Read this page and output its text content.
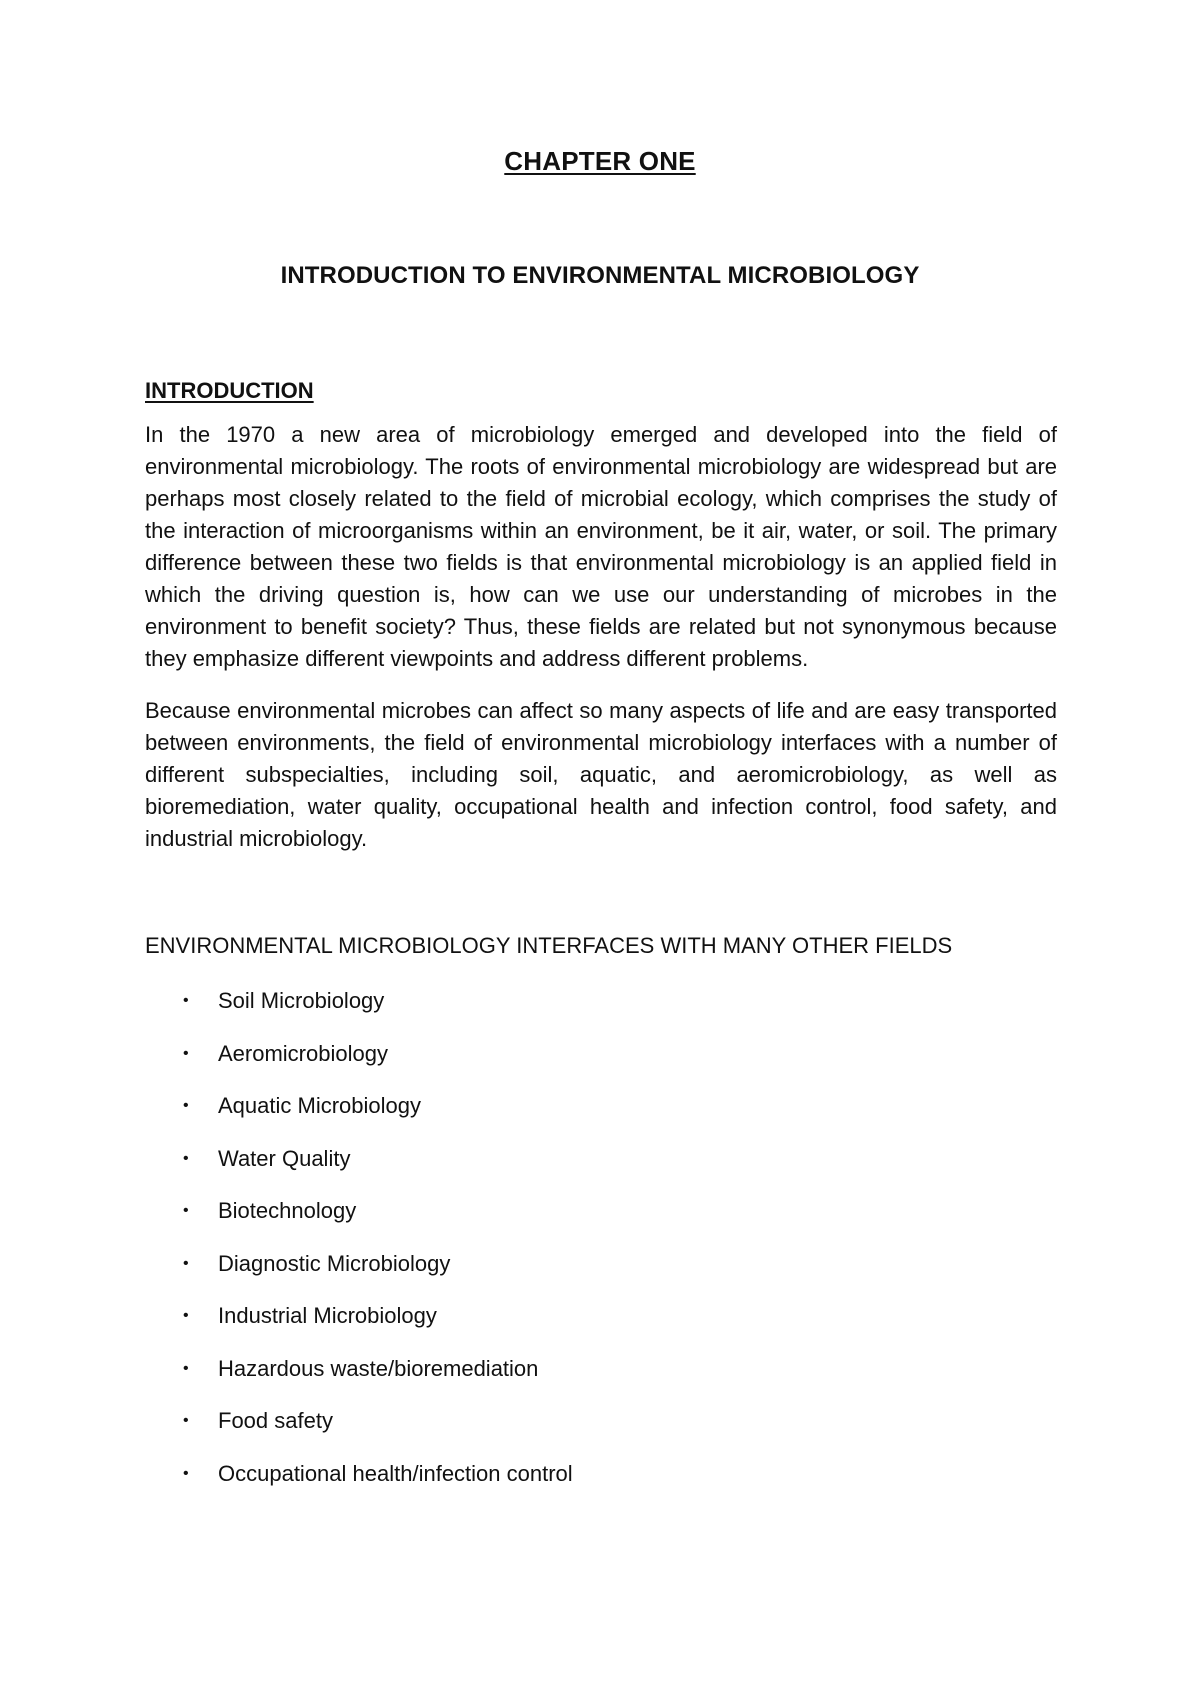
CHAPTER ONE
INTRODUCTION TO ENVIRONMENTAL MICROBIOLOGY
INTRODUCTION

In the 1970 a new area of microbiology emerged and developed into the field of environmental microbiology. The roots of environmental microbiology are widespread but are perhaps most closely related to the field of microbial ecology, which comprises the study of the interaction of microorganisms within an environment, be it air, water, or soil. The primary difference between these two fields is that environmental microbiology is an applied field in which the driving question is, how can we use our understanding of microbes in the environment to benefit society? Thus, these fields are related but not synonymous because they emphasize different viewpoints and address different problems.

Because environmental microbes can affect so many aspects of life and are easy transported between environments, the field of environmental microbiology interfaces with a number of different subspecialties, including soil, aquatic, and aeromicrobiology, as well as bioremediation, water quality, occupational health and infection control, food safety, and industrial microbiology.

ENVIRONMENTAL MICROBIOLOGY INTERFACES WITH MANY OTHER FIELDS
•	Soil Microbiology
•	Aeromicrobiology
•	Aquatic Microbiology
•	Water Quality
•	Biotechnology
•	Diagnostic Microbiology
•	Industrial Microbiology
•	Hazardous waste/bioremediation
•	Food safety
•	Occupational health/infection control
